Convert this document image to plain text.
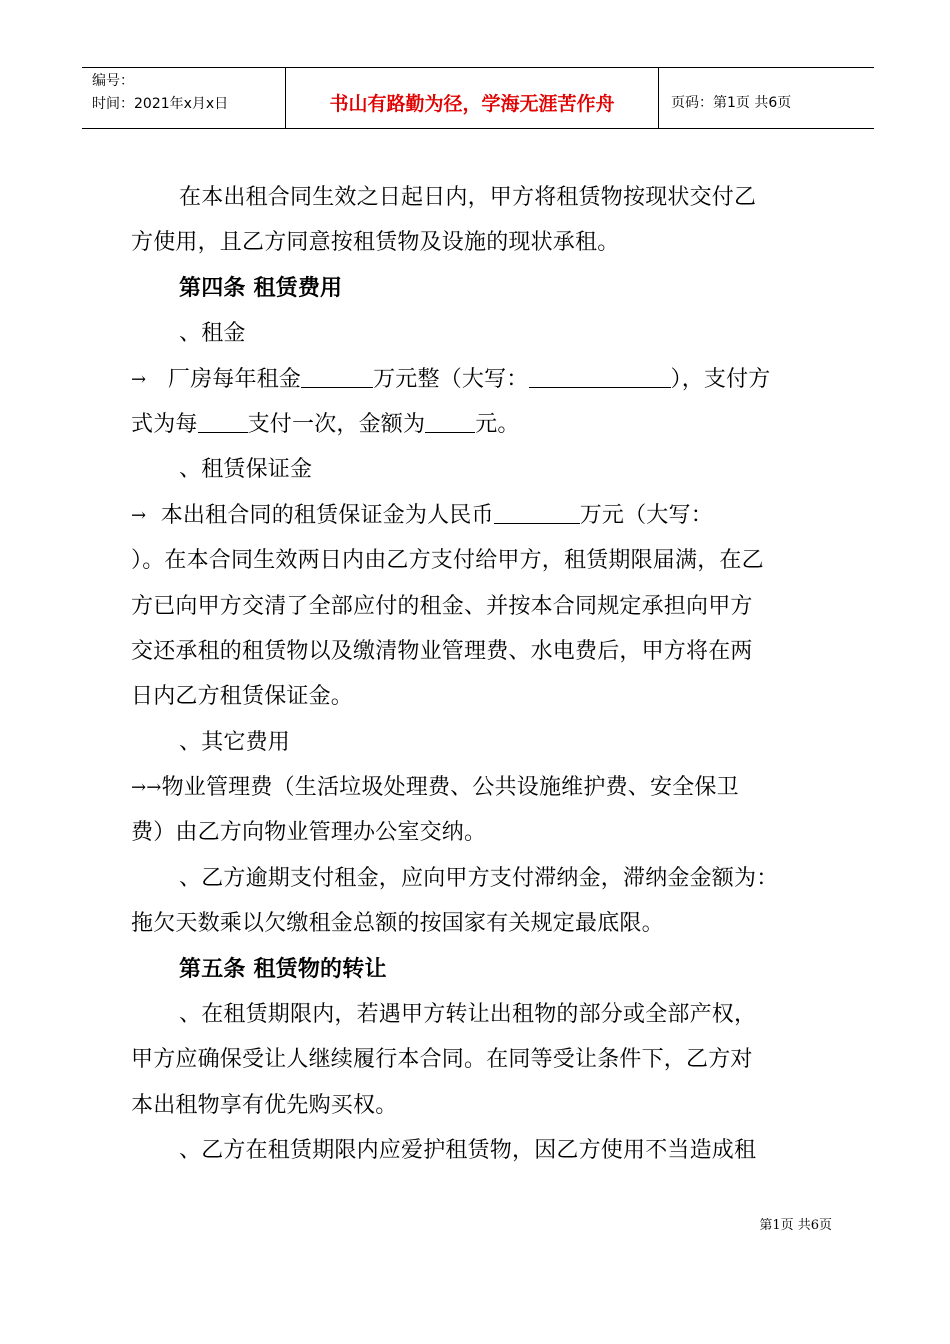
编号：
时间：2021年x月x日	书山有路勤为径，学海无涯苦作舟	页码：第1页 共6页
在本出租合同生效之日起日内，甲方将租赁物按现状交付乙
方使用，且乙方同意按租赁物及设施的现状承租。
第四条 租赁费用
、租金
→ 厂房每年租金	万元整（大写：	），支付方
式为每 支付一次，金额为 元。
、租赁保证金
→ 本出租合同的租赁保证金为人民币	万元（大写：
）。在本合同生效两日内由乙方支付给甲方，租赁期限届满，在乙
方已向甲方交清了全部应付的租金、并按本合同规定承担向甲方
交还承租的租赁物以及缴清物业管理费、水电费后，甲方将在两
日内乙方租赁保证金。
、其它费用
→→物业管理费（生活垃圾处理费、公共设施维护费、安全保卫
费）由乙方向物业管理办公室交纳。
、乙方逾期支付租金，应向甲方支付滞纳金，滞纳金金额为：
拖欠天数乘以欠缴租金总额的按国家有关规定最底限。
第五条 租赁物的转让
、在租赁期限内，若遇甲方转让出租物的部分或全部产权，
甲方应确保受让人继续履行本合同。在同等受让条件下，乙方对
本出租物享有优先购买权。
、乙方在租赁期限内应爱护租赁物，因乙方使用不当造成租
第1页 共6页
